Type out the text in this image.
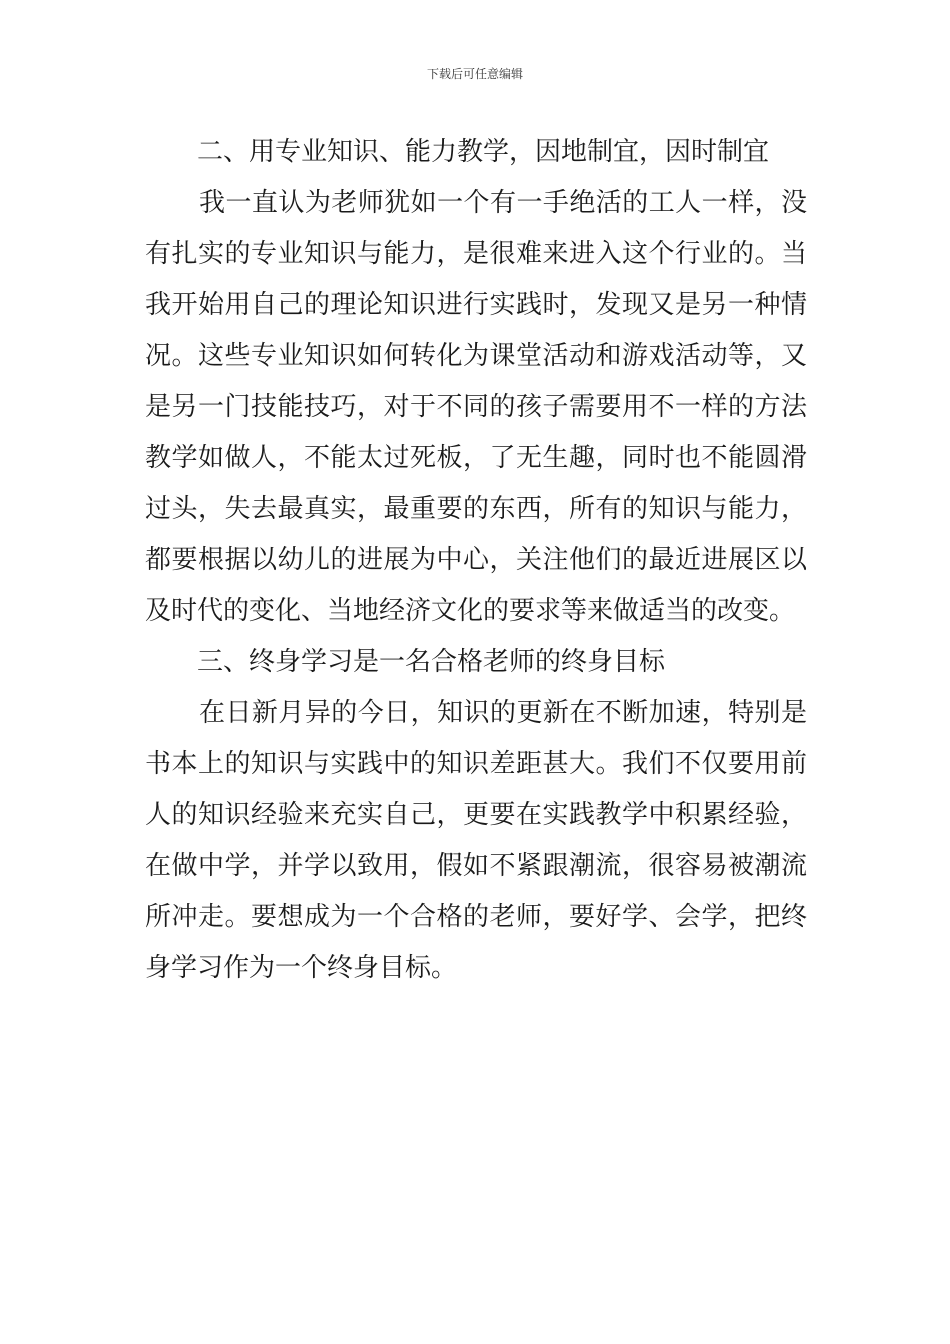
下载后可任意编辑
二、用专业知识、能力教学，因地制宜，因时制宜
我一直认为老师犹如一个有一手绝活的工人一样，没
有扎实的专业知识与能力，是很难来进入这个行业的。当
我开始用自己的理论知识进行实践时，发现又是另一种情
况。这些专业知识如何转化为课堂活动和游戏活动等，又
是另一门技能技巧，对于不同的孩子需要用不一样的方法
教学如做人，不能太过死板，了无生趣，同时也不能圆滑
过头，失去最真实，最重要的东西，所有的知识与能力，
都要根据以幼儿的进展为中心，关注他们的最近进展区以
及时代的变化、当地经济文化的要求等来做适当的改变。
三、终身学习是一名合格老师的终身目标
在日新月异的今日，知识的更新在不断加速，特别是
书本上的知识与实践中的知识差距甚大。我们不仅要用前
人的知识经验来充实自己，更要在实践教学中积累经验，
在做中学，并学以致用，假如不紧跟潮流，很容易被潮流
所冲走。要想成为一个合格的老师，要好学、会学，把终
身学习作为一个终身目标。
